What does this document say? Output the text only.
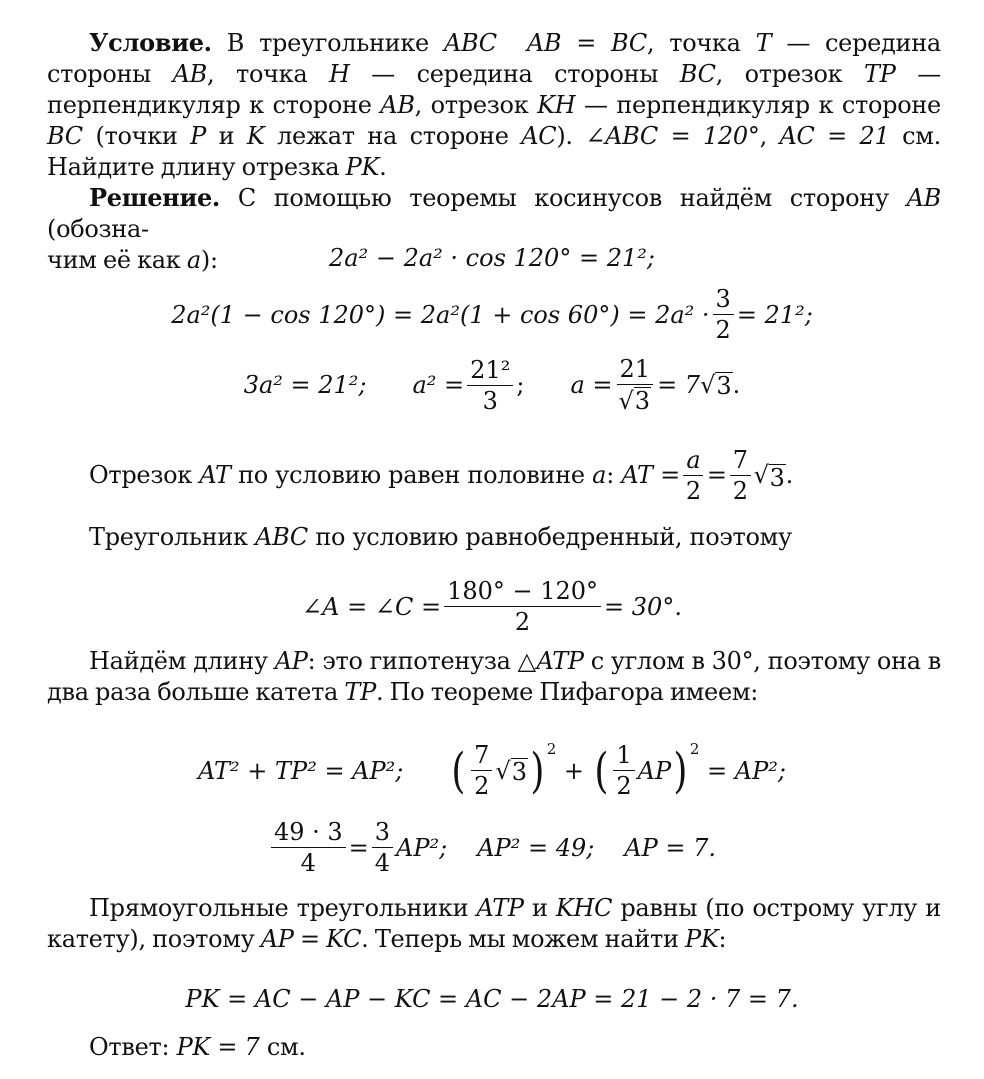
Условие. В треугольнике ABC AB = BC, точка T — середина стороны AB, точка H — середина стороны BC, отрезок TP — перпендикуляр к стороне AB, отрезок KH — перпендикуляр к стороне BC (точки P и K лежат на стороне AC). ∠ABC = 120°, AC = 21 см. Найдите длину отрезка PK.
Решение. С помощью теоремы косинусов найдём сторону AB (обозна-
чим её как a):	2a² − 2a² · cos 120° = 21²;
$2a^2(1 - \cos 120^\circ) = 2a^2(1 + \cos 60^\circ) = 2a^2 \cdot \frac{3}{2} = 21^2$;
3a² = 21²; $a^2 = \frac{\text{21²}}{3}$ ; $a = \frac{21}{√ 3} = 7$ √ 3 .
Отрезок
AT
по условию равен половине
a : AT = $\frac{a}{2} = \frac{7}{2}$ √ 3 .
Треугольник ABC по условию равнобедренный, поэтому
∠A = ∠C = $\frac{180^\circ - 120^\circ}{2} = 30^\circ$.
Найдём длину AP: это гипотенуза △ATP с углом в 30°, поэтому она в два раза больше катета TP. По теореме Пифагора имеем:
AT² + TP² = AP²; ( $\frac{7}{2}$ √ 3 ) 2
+ ( $\frac{1}{2}$ AP ) 2

= AP²;
$\frac{49 \cdot 3}{4} = \frac{3}{4} AP^2$; AP² = 49; AP = 7.
Прямоугольные треугольники ATP и KHC равны (по острому углу и катету), поэтому AP = KC. Теперь мы можем найти PK:
PK = AC − AP − KC = AC − 2AP = 21 − 2 · 7 = 7.
Ответ: PK = 7 см.
